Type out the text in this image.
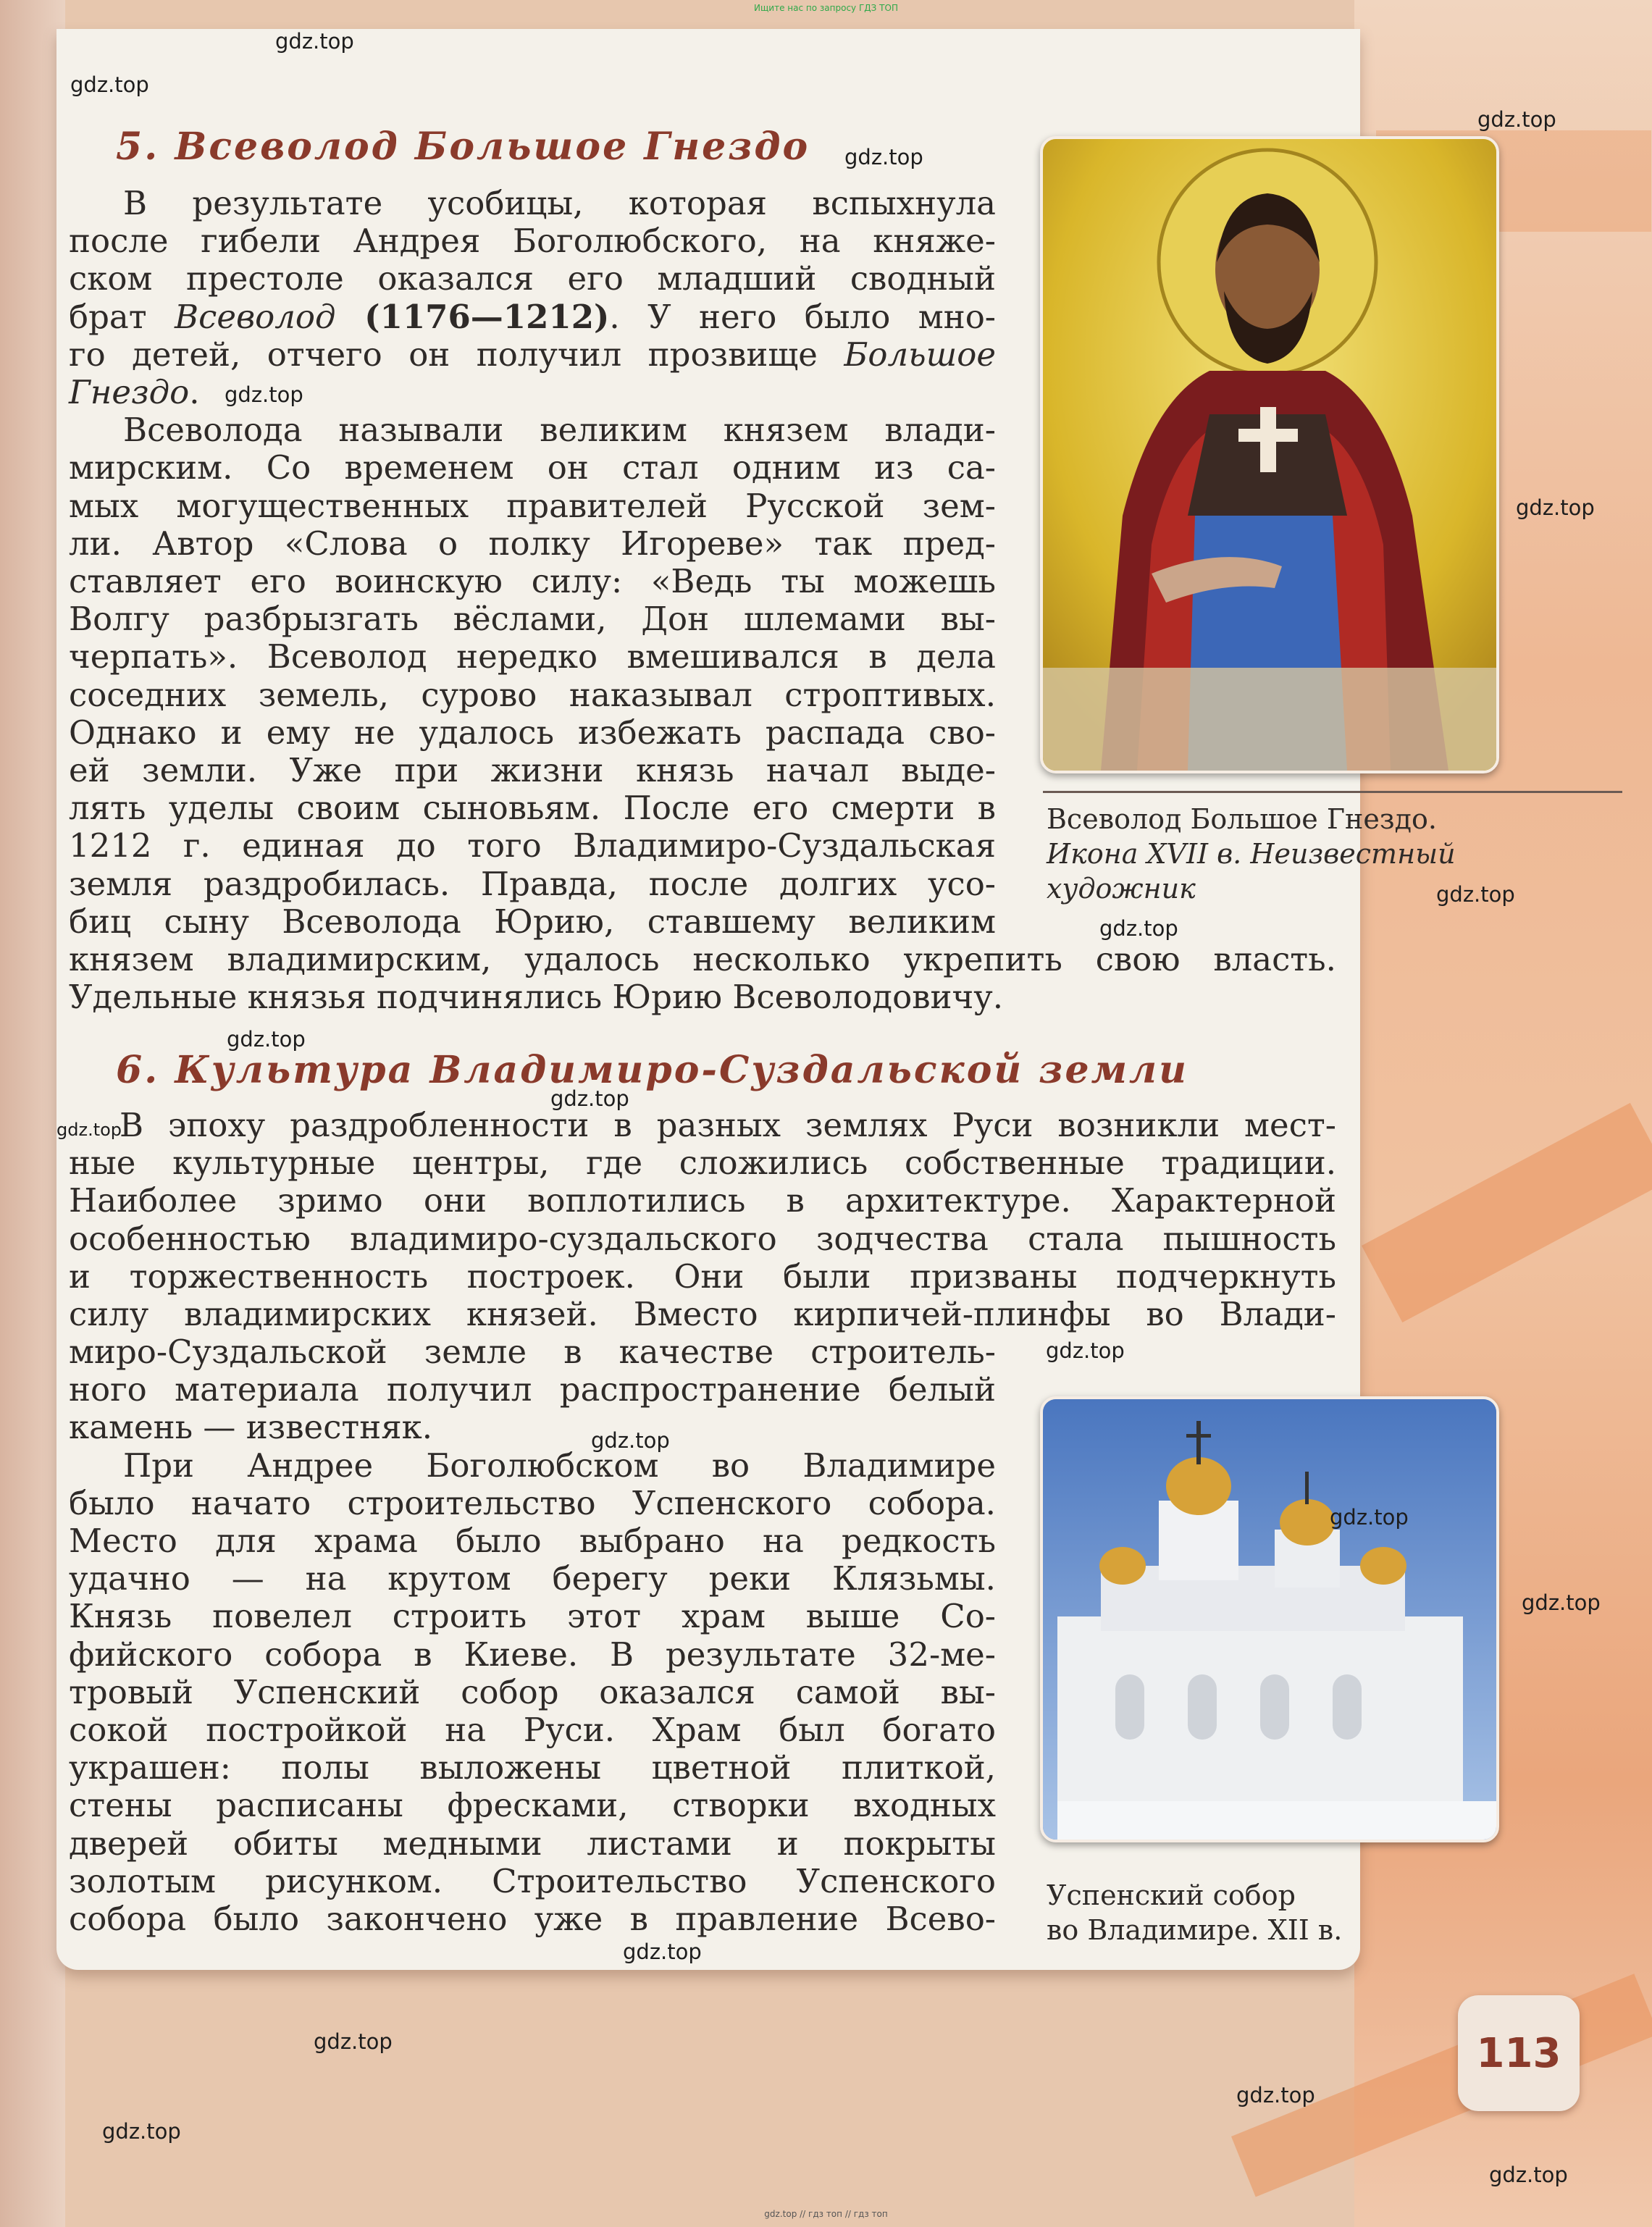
Ищите нас по запросу ГДЗ ТОП
5. Всеволод Большое Гнездо
В результате усобицы, которая вспыхнула
после гибели Андрея Боголюбского, на княже-
ском престоле оказался его младший сводный
брат Всеволод (1176—1212). У него было мно-
го детей, отчего он получил прозвище Большое
Гнездо.
Всеволода называли великим князем влади-
мирским. Со временем он стал одним из са-
мых могущественных правителей Русской зем-
ли. Автор «Слова о полку Игореве» так пред-
ставляет его воинскую силу: «Ведь ты можешь
Волгу разбрызгать вёслами, Дон шлемами вы-
черпать». Всеволод нередко вмешивался в дела
соседних земель, сурово наказывал строптивых.
Однако и ему не удалось избежать распада сво-
ей земли. Уже при жизни князь начал выде-
лять уделы своим сыновьям. После его смерти в
1212 г. единая до того Владимиро-Суздальская
земля раздробилась. Правда, после долгих усо-
биц сыну Всеволода Юрию, ставшему великим
князем владимирским, удалось несколько укрепить свою власть.
Удельные князья подчинялись Юрию Всеволодовичу.
6. Культура Владимиро-Суздальской земли
В эпоху раздробленности в разных землях Руси возникли мест-
ные культурные центры, где сложились собственные традиции.
Наиболее зримо они воплотились в архитектуре. Характерной
особенностью владимиро-суздальского зодчества стала пышность
и торжественность построек. Они были призваны подчеркнуть
силу владимирских князей. Вместо кирпичей-плинфы во Влади-
миро-Суздальской земле в качестве строитель-
ного материала получил распространение белый
камень — известняк.
При Андрее Боголюбском во Владимире
было начато строительство Успенского собора.
Место для храма было выбрано на редкость
удачно — на крутом берегу реки Клязьмы.
Князь повелел строить этот храм выше Со-
фийского собора в Киеве. В результате 32-ме-
тровый Успенский собор оказался самой вы-
сокой постройкой на Руси. Храм был богато
украшен: полы выложены цветной плиткой,
стены расписаны фресками, створки входных
дверей обиты медными листами и покрыты
золотым рисунком. Строительство Успенского
собора было закончено уже в правление Всево-
Всеволод Большое Гнездо.
Икона XVII в. Неизвестный
художник
Успенский собор
во Владимире. XII в.
113
gdz.top
gdz.top
gdz.top
gdz.top
gdz.top
gdz.top
gdz.top
gdz.top
gdz.top
gdz.top
gdz.top
gdz.top
gdz.top
gdz.top
gdz.top
gdz.top
gdz.top
gdz.top
gdz.top
gdz.top
gdz.top // гдз топ // гдз топ
